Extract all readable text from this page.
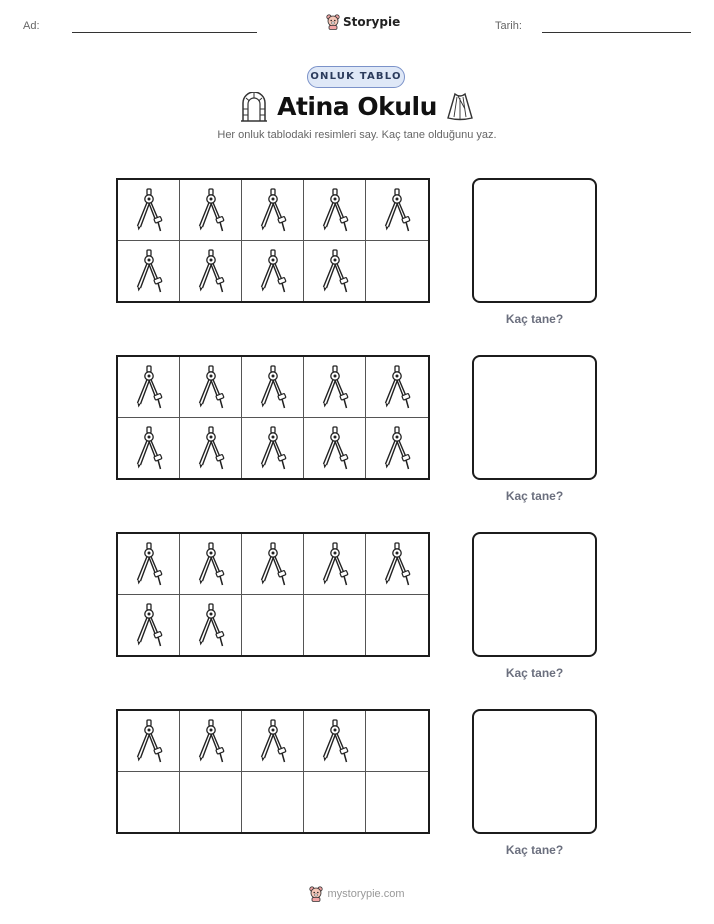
Ad:	Storypie	Tarih:
ONLUK TABLO
Atina Okulu
Her onluk tablodaki resimleri say. Kaç tane olduğunu yaz.
Kaç tane?
Kaç tane?
Kaç tane?
Kaç tane?
mystorypie.com
